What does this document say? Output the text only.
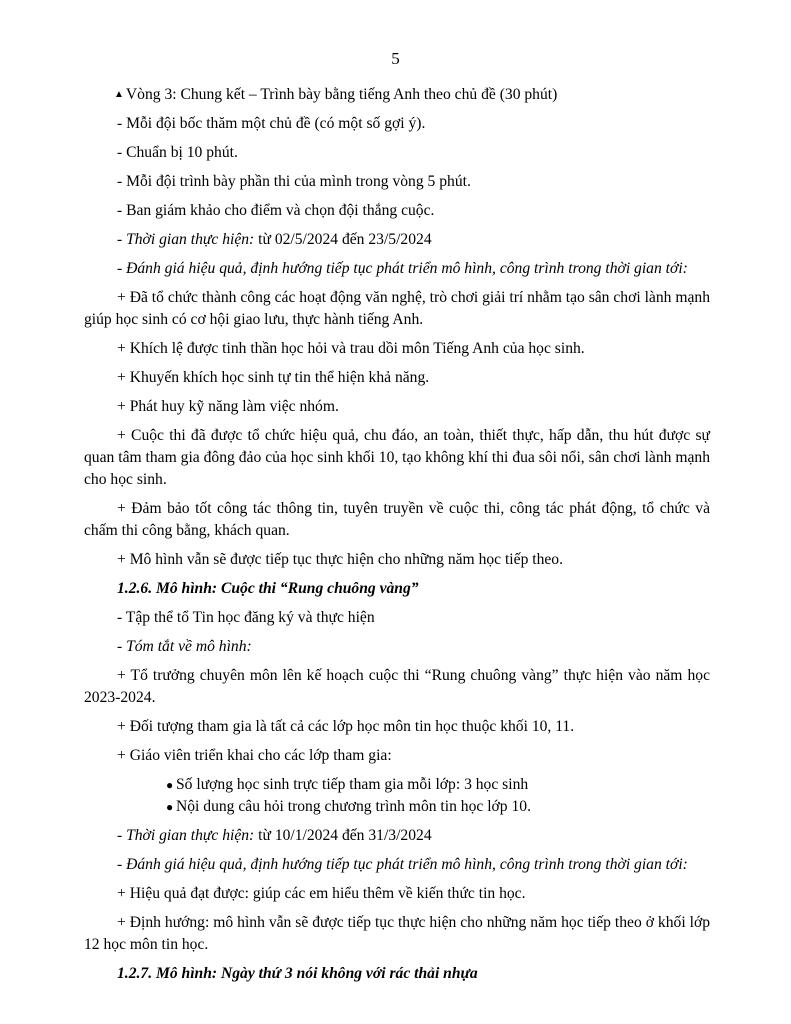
5

▲ Vòng 3: Chung kết – Trình bày bằng tiếng Anh theo chủ đề (30 phút)

- Mỗi đội bốc thăm một chủ đề (có một số gợi ý).

- Chuẩn bị 10 phút.

- Mỗi đội trình bày phần thi của mình trong vòng 5 phút.

- Ban giám khảo cho điểm và chọn đội thắng cuộc.

- Thời gian thực hiện: từ 02/5/2024 đến 23/5/2024

- Đánh giá hiệu quả, định hướng tiếp tục phát triển mô hình, công trình trong thời gian tới:

+ Đã tổ chức thành công các hoạt động văn nghệ, trò chơi giải trí nhằm tạo sân chơi lành mạnh giúp học sinh có cơ hội giao lưu, thực hành tiếng Anh.

+ Khích lệ được tinh thần học hỏi và trau dồi môn Tiếng Anh của học sinh.

+ Khuyến khích học sinh tự tin thể hiện khả năng.

+ Phát huy kỹ năng làm việc nhóm.

+ Cuộc thi đã được tổ chức hiệu quả, chu đáo, an toàn, thiết thực, hấp dẫn, thu hút được sự quan tâm tham gia đông đảo của học sinh khối 10, tạo không khí thi đua sôi nổi, sân chơi lành mạnh cho học sinh.

+ Đảm bảo tốt công tác thông tin, tuyên truyền về cuộc thi, công tác phát động, tổ chức và chấm thi công bằng, khách quan.

+ Mô hình vẫn sẽ được tiếp tục thực hiện cho những năm học tiếp theo.

1.2.6. Mô hình: Cuộc thi “Rung chuông vàng”

- Tập thể tổ Tin học đăng ký và thực hiện

- Tóm tắt về mô hình:

+ Tổ trưởng chuyên môn lên kế hoạch cuộc thi “Rung chuông vàng” thực hiện vào năm học 2023-2024.

+ Đối tượng tham gia là tất cả các lớp học môn tin học thuộc khối 10, 11.

+ Giáo viên triển khai cho các lớp tham gia:

● Số lượng học sinh trực tiếp tham gia mỗi lớp: 3 học sinh
● Nội dung câu hỏi trong chương trình môn tin học lớp 10.

- Thời gian thực hiện: từ 10/1/2024 đến 31/3/2024

- Đánh giá hiệu quả, định hướng tiếp tục phát triển mô hình, công trình trong thời gian tới:

+ Hiệu quả đạt được: giúp các em hiểu thêm về kiến thức tin học.

+ Định hướng: mô hình vẫn sẽ được tiếp tục thực hiện cho những năm học tiếp theo ở khối lớp 12 học môn tin học.

1.2.7. Mô hình: Ngày thứ 3 nói không với rác thải nhựa
